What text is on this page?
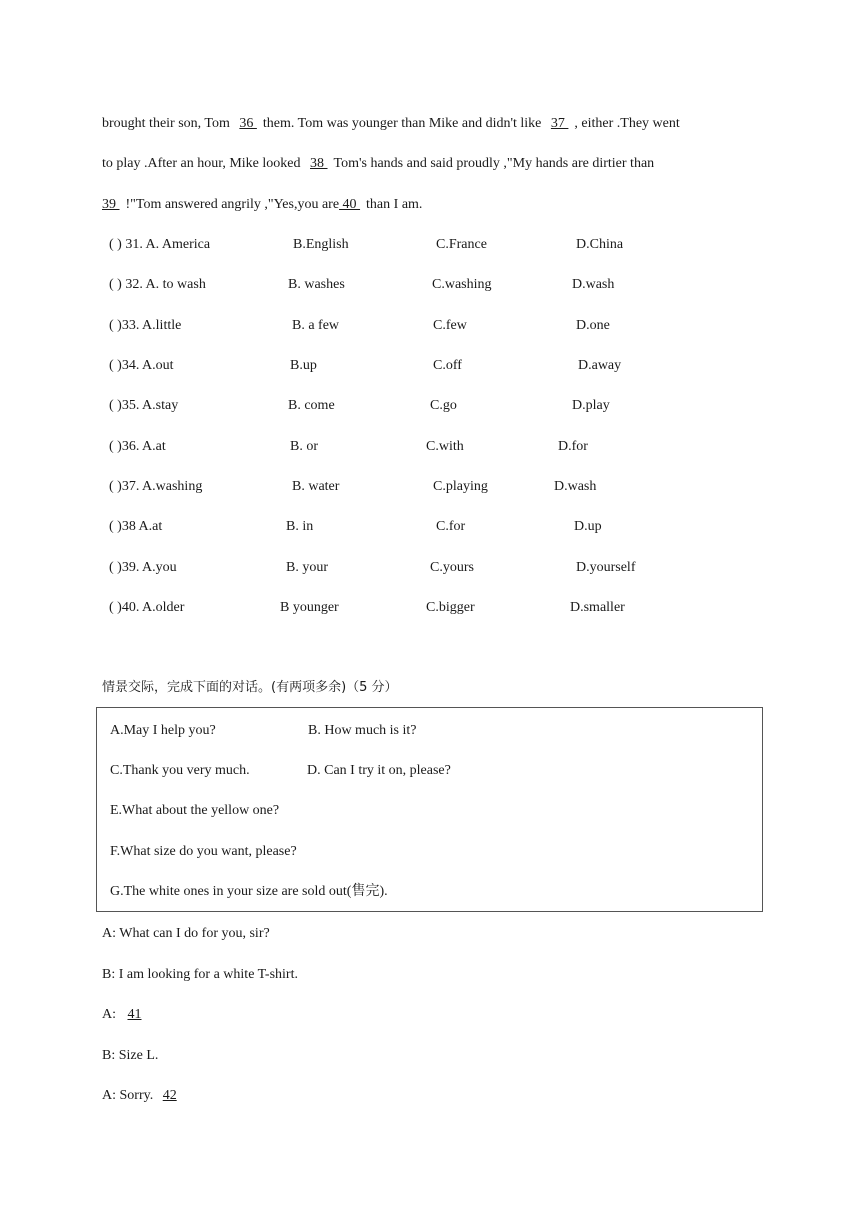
brought their son, Tom 36 them. Tom was younger than Mike and didn't like 37 , either .They went
to play .After an hour, Mike looked 38 Tom's hands and said proudly ,"My hands are dirtier than
39 !"Tom answered angrily ,"Yes,you are 40 than I am.
( ) 31. A. America	B.English	C.France	D.China
( ) 32. A. to wash	B. washes	C.washing	D.wash
( )33. A.little	B. a few	C.few	D.one
( )34. A.out	B.up	C.off	D.away
( )35. A.stay	B. come	C.go	D.play
( )36. A.at	B. or	C.with	D.for
( )37. A.washing	B. water	C.playing	D.wash
( )38 A.at	B. in	C.for	D.up
( )39. A.you	B. your	C.yours	D.yourself
( )40. A.older	B younger	C.bigger	D.smaller
情景交际，完成下面的对话。(有两项多余)（5 分）
A.May I help you?	B. How much is it?
C.Thank you very much.	D. Can I try it on, please?
E.What about the yellow one?
F.What size do you want, please?
G.The white ones in your size are sold out(售完).
A: What can I do for you, sir?
B: I am looking for a white T-shirt.
A: 41
B: Size L.
A: Sorry. 42
